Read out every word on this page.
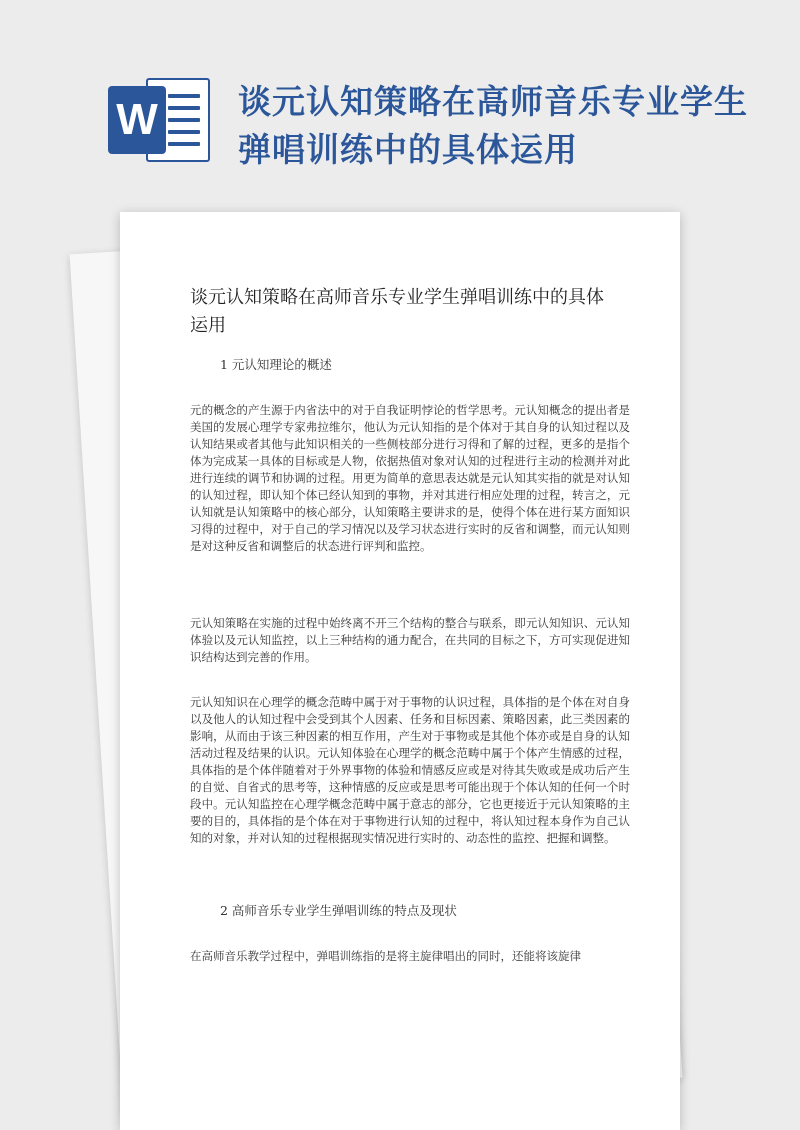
W 谈元认知策略在高师音乐专业学生弹唱训练中的具体运用
谈元认知策略在高师音乐专业学生弹唱训练中的具体运用

1 元认知理论的概述

元的概念的产生源于内省法中的对于自我证明悖论的哲学思考。元认知概念的提出者是美国的发展心理学专家弗拉维尔，他认为元认知指的是个体对于其自身的认知过程以及认知结果或者其他与此知识相关的一些侧枝部分进行习得和了解的过程，更多的是指个体为完成某一具体的目标或是人物，依据热值对象对认知的过程进行主动的检测并对此进行连续的调节和协调的过程。用更为简单的意思表达就是元认知其实指的就是对认知的认知过程，即认知个体已经认知到的事物，并对其进行相应处理的过程，转言之，元认知就是认知策略中的核心部分，认知策略主要讲求的是，使得个体在进行某方面知识习得的过程中，对于自己的学习情况以及学习状态进行实时的反省和调整，而元认知则是对这种反省和调整后的状态进行评判和监控。

元认知策略在实施的过程中始终离不开三个结构的整合与联系，即元认知知识、元认知体验以及元认知监控，以上三种结构的通力配合，在共同的目标之下，方可实现促进知识结构达到完善的作用。

元认知知识在心理学的概念范畴中属于对于事物的认识过程，具体指的是个体在对自身以及他人的认知过程中会受到其个人因素、任务和目标因素、策略因素，此三类因素的影响，从而由于该三种因素的相互作用，产生对于事物或是其他个体亦或是自身的认知活动过程及结果的认识。元认知体验在心理学的概念范畴中属于个体产生情感的过程，具体指的是个体伴随着对于外界事物的体验和情感反应或是对待其失败或是成功后产生的自觉、自省式的思考等，这种情感的反应或是思考可能出现于个体认知的任何一个时段中。元认知监控在心理学概念范畴中属于意志的部分，它也更接近于元认知策略的主要的目的，具体指的是个体在对于事物进行认知的过程中，将认知过程本身作为自己认知的对象，并对认知的过程根据现实情况进行实时的、动态性的监控、把握和调整。

2 高师音乐专业学生弹唱训练的特点及现状

在高师音乐教学过程中，弹唱训练指的是将主旋律唱出的同时，还能将该旋律
